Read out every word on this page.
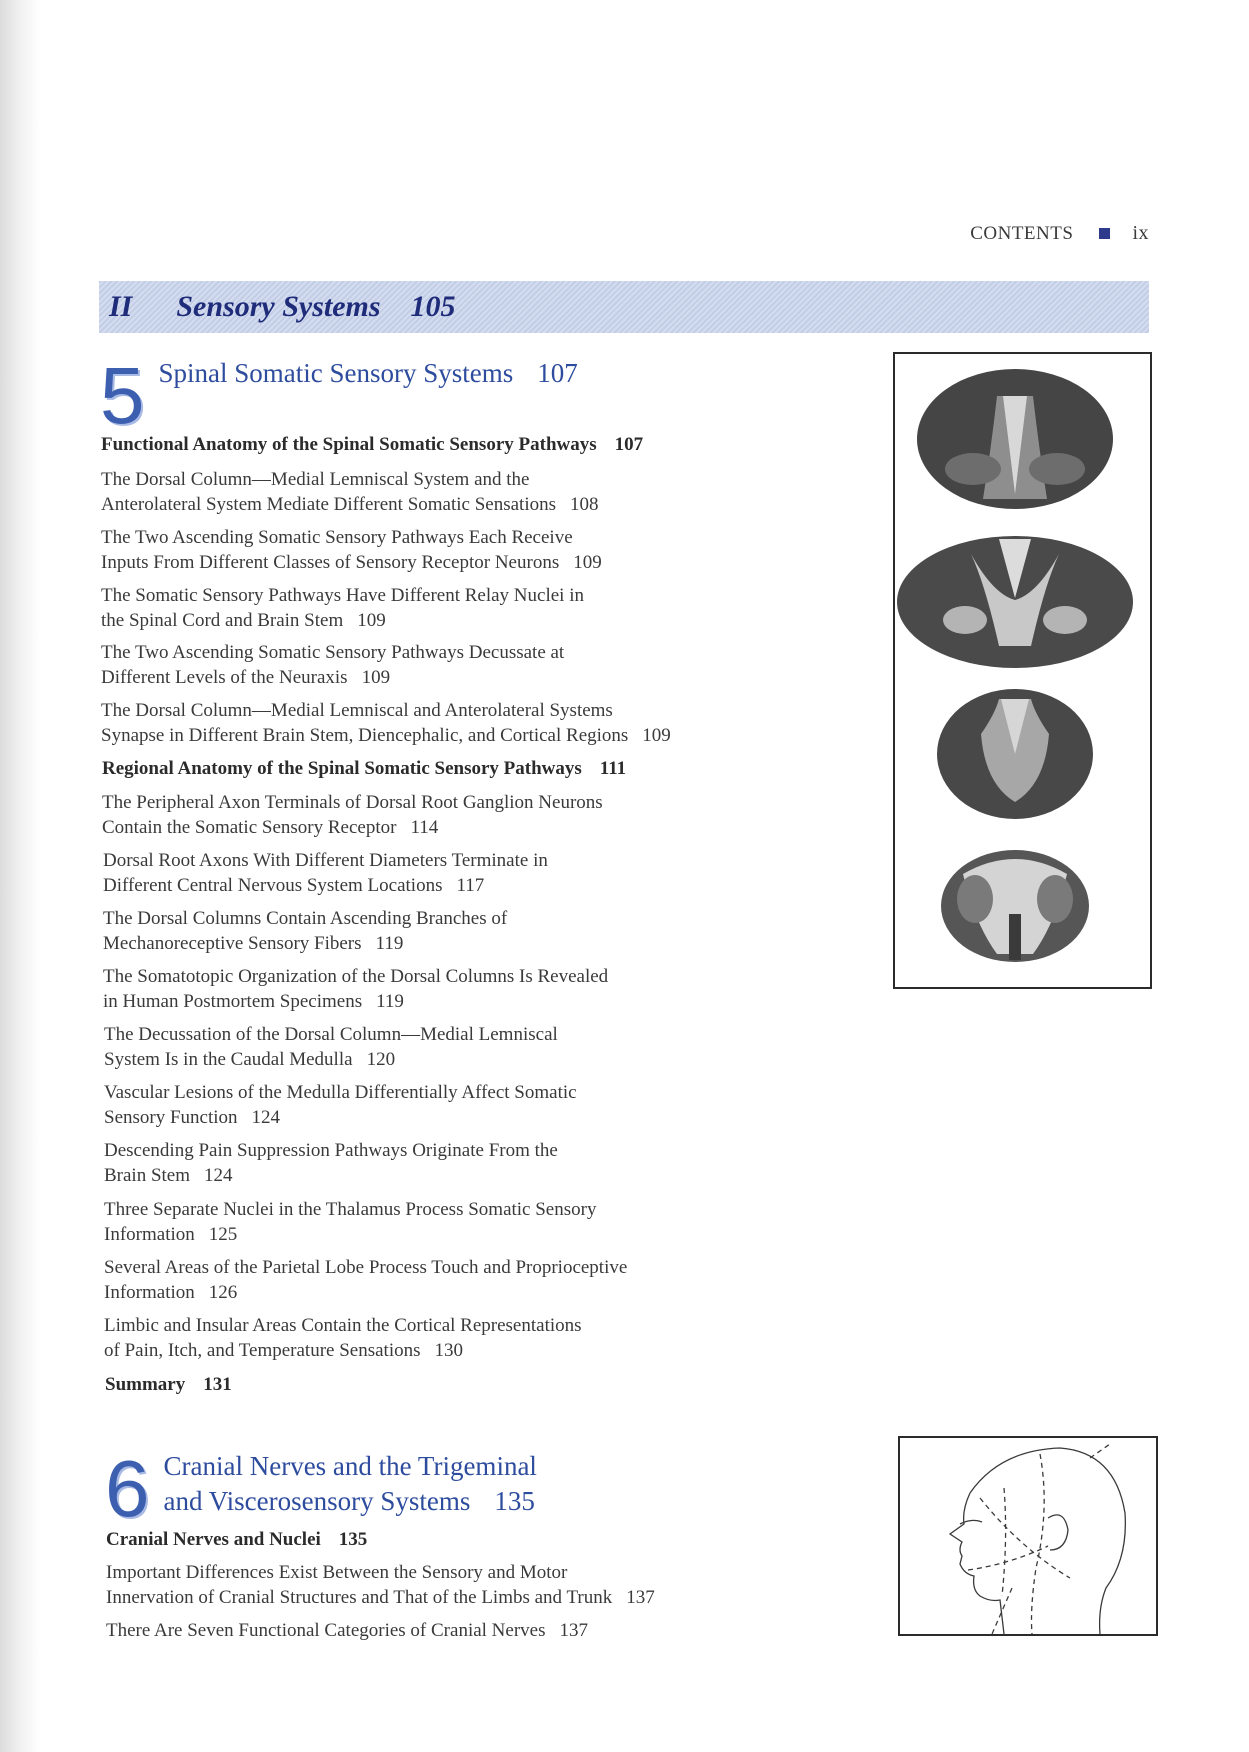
CONTENTS	ix
II Sensory Systems 105
5 Spinal Somatic Sensory Systems 107
Functional Anatomy of the Spinal Somatic Sensory Pathways 107
The Dorsal Column—Medial Lemniscal System and the
Anterolateral System Mediate Different Somatic Sensations 108
The Two Ascending Somatic Sensory Pathways Each Receive
Inputs From Different Classes of Sensory Receptor Neurons 109
The Somatic Sensory Pathways Have Different Relay Nuclei in
the Spinal Cord and Brain Stem 109
The Two Ascending Somatic Sensory Pathways Decussate at
Different Levels of the Neuraxis 109
The Dorsal Column—Medial Lemniscal and Anterolateral Systems
Synapse in Different Brain Stem, Diencephalic, and Cortical Regions 109
Regional Anatomy of the Spinal Somatic Sensory Pathways 111
The Peripheral Axon Terminals of Dorsal Root Ganglion Neurons
Contain the Somatic Sensory Receptor 114
Dorsal Root Axons With Different Diameters Terminate in
Different Central Nervous System Locations 117
The Dorsal Columns Contain Ascending Branches of
Mechanoreceptive Sensory Fibers 119
The Somatotopic Organization of the Dorsal Columns Is Revealed
in Human Postmortem Specimens 119
The Decussation of the Dorsal Column—Medial Lemniscal
System Is in the Caudal Medulla 120
Vascular Lesions of the Medulla Differentially Affect Somatic
Sensory Function 124
Descending Pain Suppression Pathways Originate From the
Brain Stem 124
Three Separate Nuclei in the Thalamus Process Somatic Sensory
Information 125
Several Areas of the Parietal Lobe Process Touch and Proprioceptive
Information 126
Limbic and Insular Areas Contain the Cortical Representations
of Pain, Itch, and Temperature Sensations 130
Summary 131
6 Cranial Nerves and the Trigeminal
and Viscerosensory Systems 135
Cranial Nerves and Nuclei 135
Important Differences Exist Between the Sensory and Motor
Innervation of Cranial Structures and That of the Limbs and Trunk 137
There Are Seven Functional Categories of Cranial Nerves 137
